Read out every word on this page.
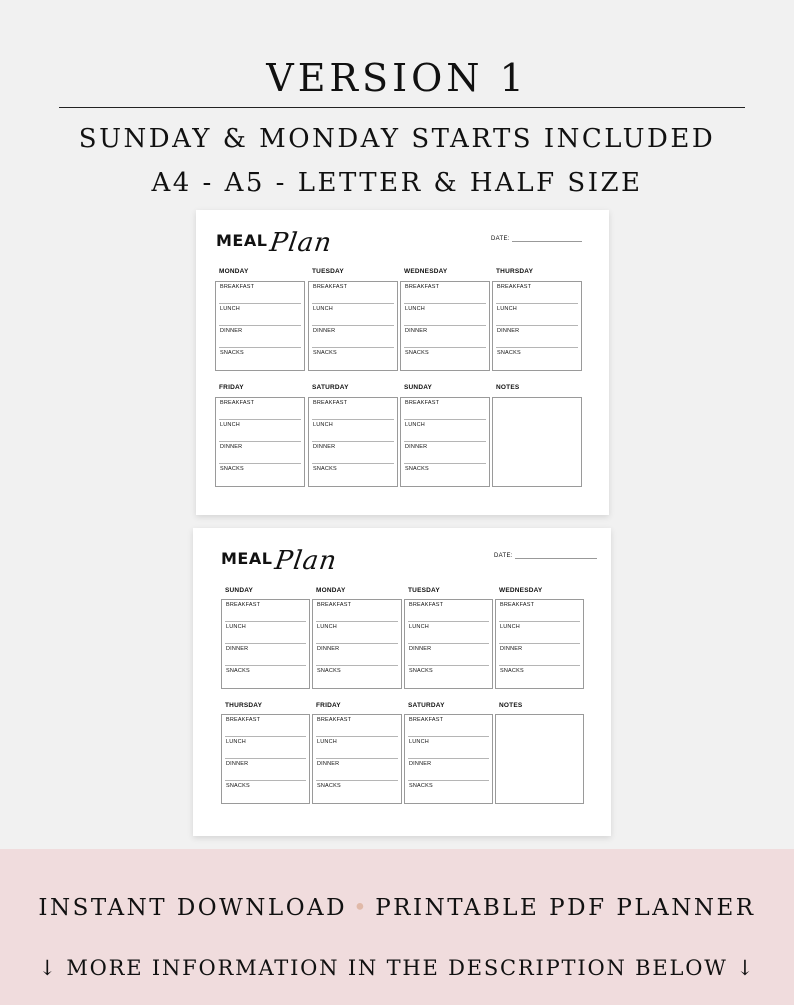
VERSION 1
SUNDAY & MONDAY STARTS INCLUDED
A4 - A5 - LETTER & HALF SIZE
MEAL Plan	DATE:
MONDAY
BREAKFAST
LUNCH
DINNER
SNACKS
TUESDAY
BREAKFAST
LUNCH
DINNER
SNACKS
WEDNESDAY
BREAKFAST
LUNCH
DINNER
SNACKS
THURSDAY
BREAKFAST
LUNCH
DINNER
SNACKS
FRIDAY
BREAKFAST
LUNCH
DINNER
SNACKS
SATURDAY
BREAKFAST
LUNCH
DINNER
SNACKS
SUNDAY
BREAKFAST
LUNCH
DINNER
SNACKS
NOTES
MEAL Plan	DATE:
SUNDAY
BREAKFAST
LUNCH
DINNER
SNACKS
MONDAY
BREAKFAST
LUNCH
DINNER
SNACKS
TUESDAY
BREAKFAST
LUNCH
DINNER
SNACKS
WEDNESDAY
BREAKFAST
LUNCH
DINNER
SNACKS
THURSDAY
BREAKFAST
LUNCH
DINNER
SNACKS
FRIDAY
BREAKFAST
LUNCH
DINNER
SNACKS
SATURDAY
BREAKFAST
LUNCH
DINNER
SNACKS
NOTES
INSTANT DOWNLOAD • PRINTABLE PDF PLANNER
↓ MORE INFORMATION IN THE DESCRIPTION BELOW ↓
